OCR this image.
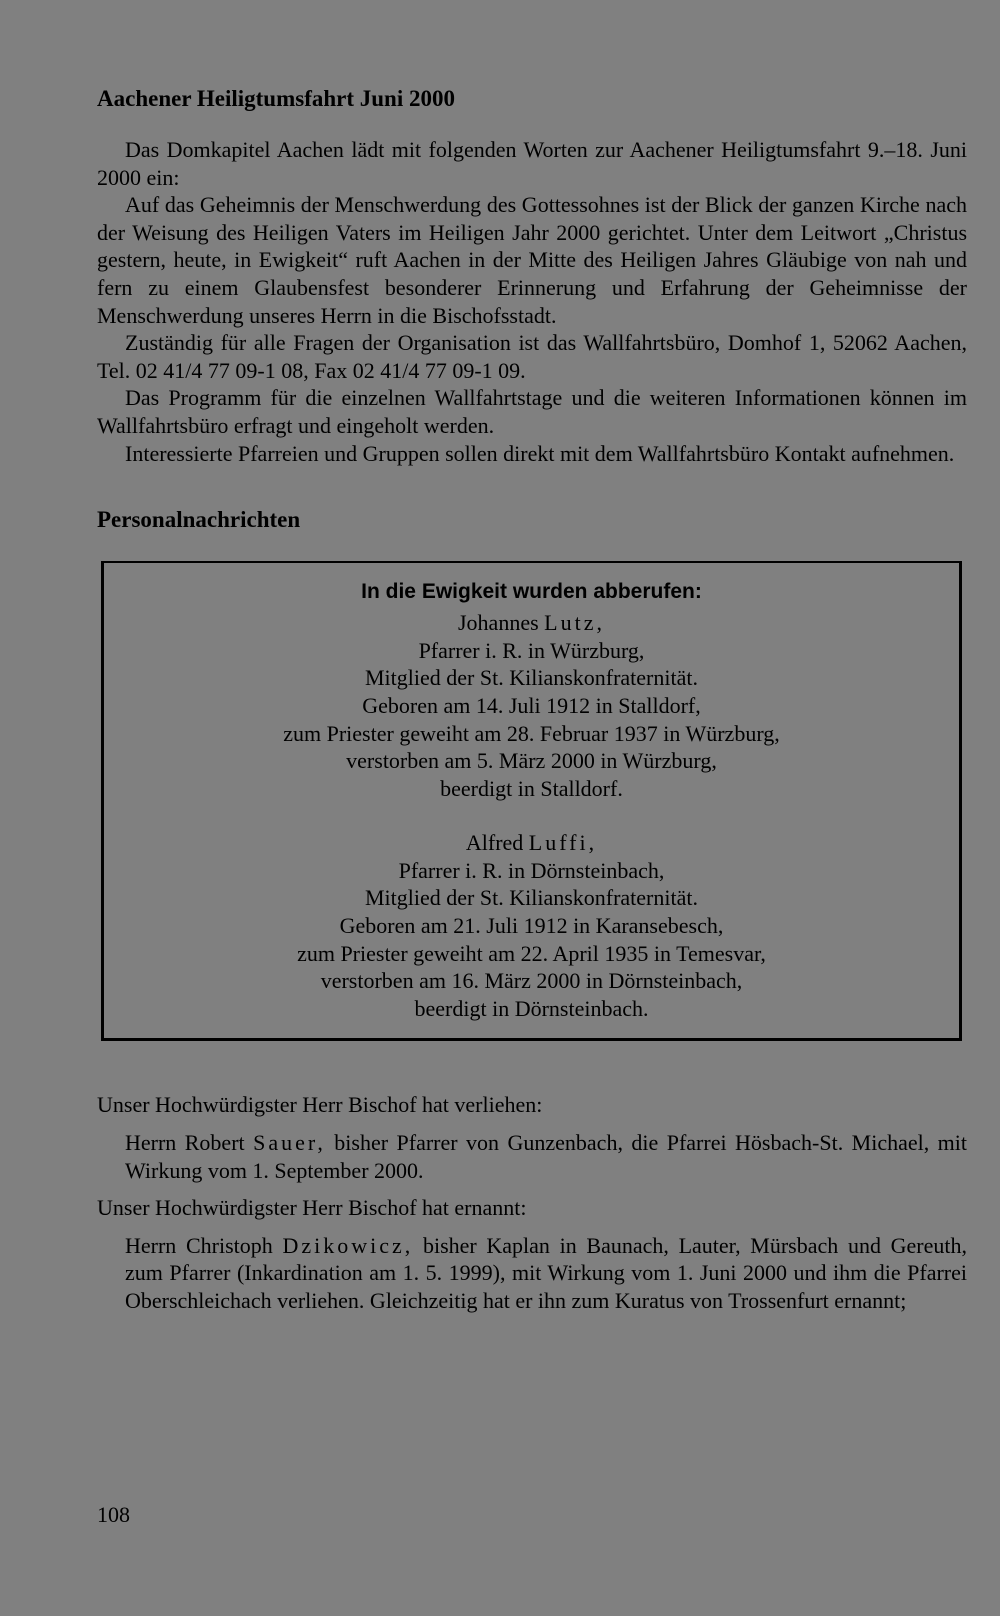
Aachener Heiligtumsfahrt Juni 2000

Das Domkapitel Aachen lädt mit folgenden Worten zur Aachener Heiligtumsfahrt 9.–18. Juni 2000 ein:

Auf das Geheimnis der Menschwerdung des Gottessohnes ist der Blick der ganzen Kirche nach der Weisung des Heiligen Vaters im Heiligen Jahr 2000 gerichtet. Unter dem Leitwort „Christus gestern, heute, in Ewigkeit“ ruft Aachen in der Mitte des Heiligen Jahres Gläubige von nah und fern zu einem Glaubensfest besonderer Erinnerung und Erfahrung der Geheimnisse der Menschwerdung unseres Herrn in die Bischofsstadt.

Zuständig für alle Fragen der Organisation ist das Wallfahrtsbüro, Domhof 1, 52062 Aachen, Tel. 02 41/4 77 09-1 08, Fax 02 41/4 77 09-1 09.

Das Programm für die einzelnen Wallfahrtstage und die weiteren Informationen können im Wallfahrtsbüro erfragt und eingeholt werden.

Interessierte Pfarreien und Gruppen sollen direkt mit dem Wallfahrtsbüro Kontakt aufnehmen.

Personalnachrichten
In die Ewigkeit wurden abberufen:
Johannes Lutz,
Pfarrer i. R. in Würzburg,
Mitglied der St. Kilianskonfraternität.
Geboren am 14. Juli 1912 in Stalldorf,
zum Priester geweiht am 28. Februar 1937 in Würzburg,
verstorben am 5. März 2000 in Würzburg,
beerdigt in Stalldorf.
Alfred Luffi,
Pfarrer i. R. in Dörnsteinbach,
Mitglied der St. Kilianskonfraternität.
Geboren am 21. Juli 1912 in Karansebesch,
zum Priester geweiht am 22. April 1935 in Temesvar,
verstorben am 16. März 2000 in Dörnsteinbach,
beerdigt in Dörnsteinbach.

Unser Hochwürdigster Herr Bischof hat verliehen:

Herrn Robert Sauer, bisher Pfarrer von Gunzenbach, die Pfarrei Hösbach-St. Michael, mit Wirkung vom 1. September 2000.

Unser Hochwürdigster Herr Bischof hat ernannt:

Herrn Christoph Dzikowicz, bisher Kaplan in Baunach, Lauter, Mürsbach und Gereuth, zum Pfarrer (Inkardination am 1. 5. 1999), mit Wirkung vom 1. Juni 2000 und ihm die Pfarrei Oberschleichach verliehen. Gleichzeitig hat er ihn zum Kuratus von Trossenfurt ernannt;
108
